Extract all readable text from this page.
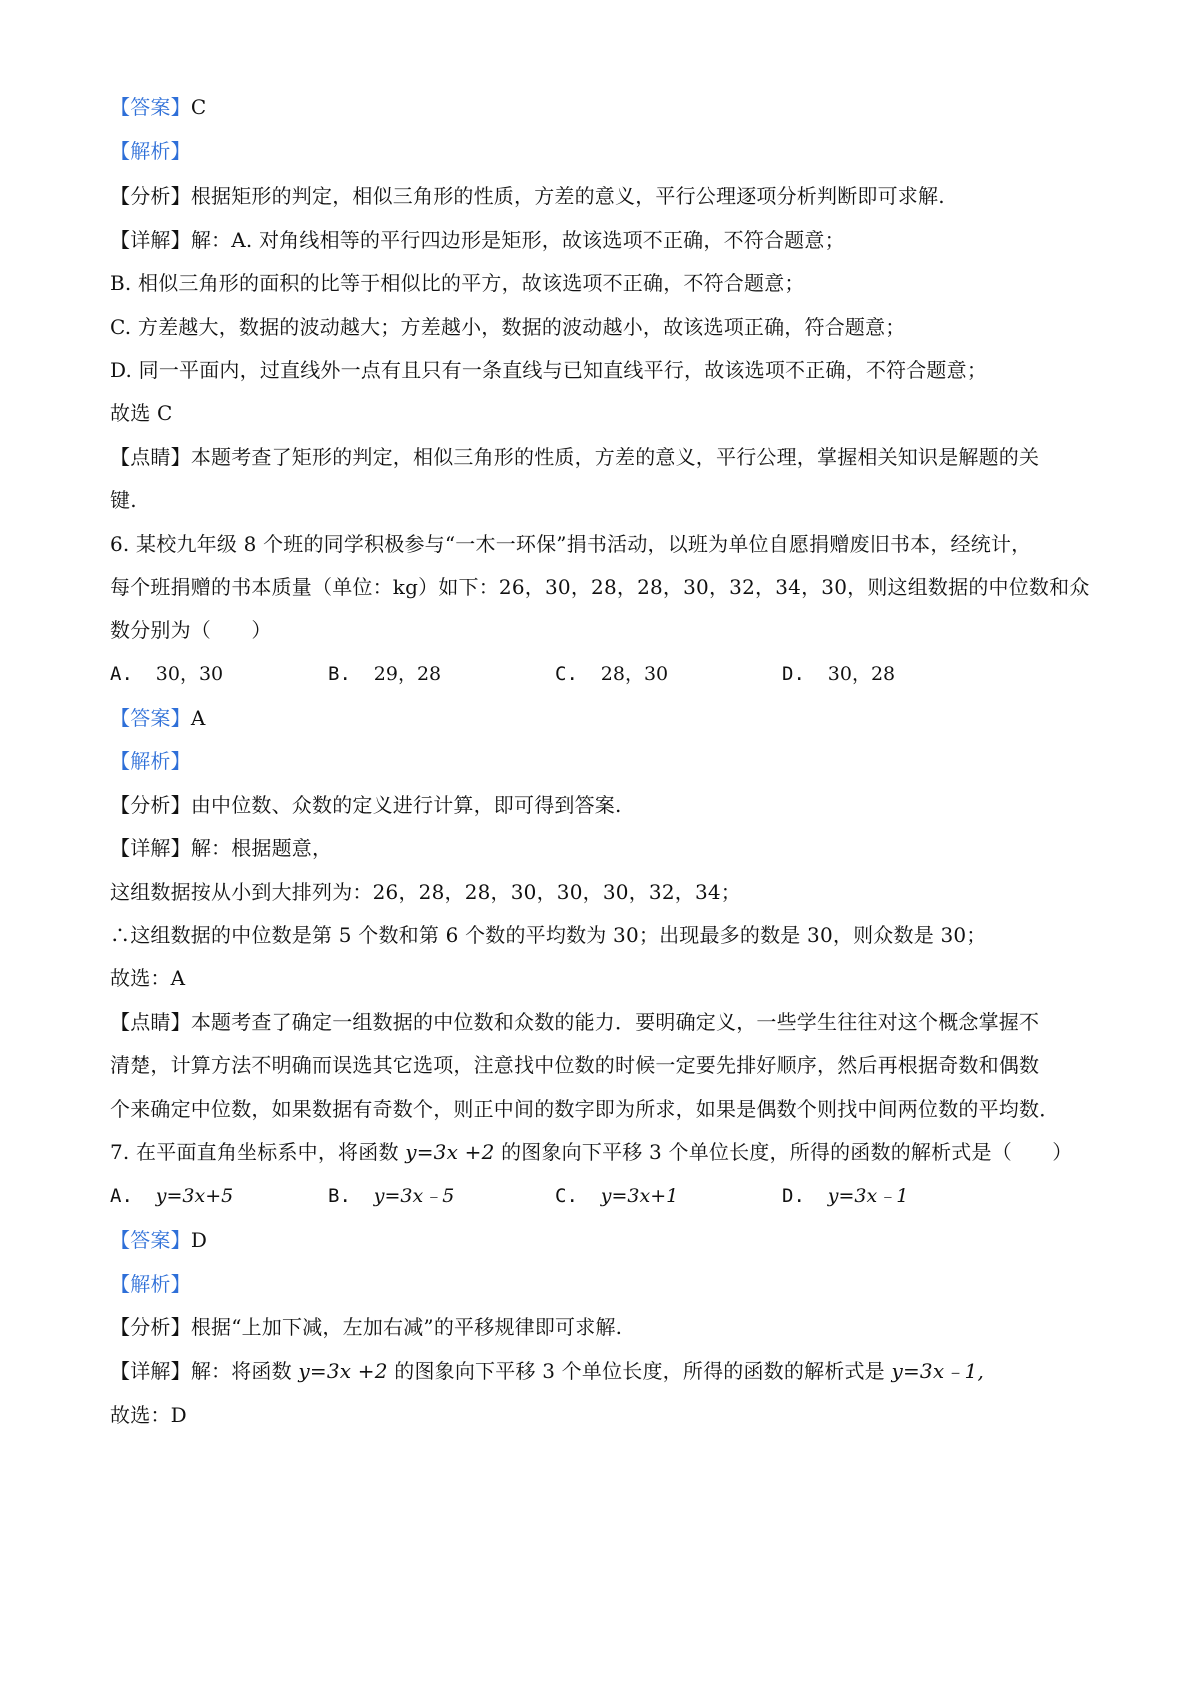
【答案】C
【解析】
【分析】根据矩形的判定，相似三角形的性质，方差的意义，平行公理逐项分析判断即可求解.
【详解】解：A. 对角线相等的平行四边形是矩形，故该选项不正确，不符合题意；
B. 相似三角形的面积的比等于相似比的平方，故该选项不正确，不符合题意；
C. 方差越大，数据的波动越大；方差越小，数据的波动越小，故该选项正确，符合题意；
D. 同一平面内，过直线外一点有且只有一条直线与已知直线平行，故该选项不正确，不符合题意；
故选 C
【点睛】本题考查了矩形的判定，相似三角形的性质，方差的意义，平行公理，掌握相关知识是解题的关
键.
6. 某校九年级 8 个班的同学积极参与“一木一环保”捐书活动，以班为单位自愿捐赠废旧书本，经统计，
每个班捐赠的书本质量（单位：kg）如下：26，30，28，28，30，32，34，30，则这组数据的中位数和众
数分别为（　　）
A. 30，30	B. 29，28	C. 28，30	D. 30，28
【答案】A
【解析】
【分析】由中位数、众数的定义进行计算，即可得到答案.
【详解】解：根据题意，
这组数据按从小到大排列为：26，28，28，30，30，30，32，34；
∴这组数据的中位数是第 5 个数和第 6 个数的平均数为 30；出现最多的数是 30，则众数是 30；
故选：A
【点睛】本题考查了确定一组数据的中位数和众数的能力．要明确定义，一些学生往往对这个概念掌握不
清楚，计算方法不明确而误选其它选项，注意找中位数的时候一定要先排好顺序，然后再根据奇数和偶数
个来确定中位数，如果数据有奇数个，则正中间的数字即为所求，如果是偶数个则找中间两位数的平均数．
7. 在平面直角坐标系中，将函数 y=3x +2 的图象向下平移 3 个单位长度，所得的函数的解析式是（　　）
A. y=3x+5	B. y=3x﹣5	C. y=3x+1	D. y=3x﹣1
【答案】D
【解析】
【分析】根据“上加下减，左加右减”的平移规律即可求解.
【详解】解：将函数 y=3x +2 的图象向下平移 3 个单位长度，所得的函数的解析式是 y=3x﹣1,
故选：D
